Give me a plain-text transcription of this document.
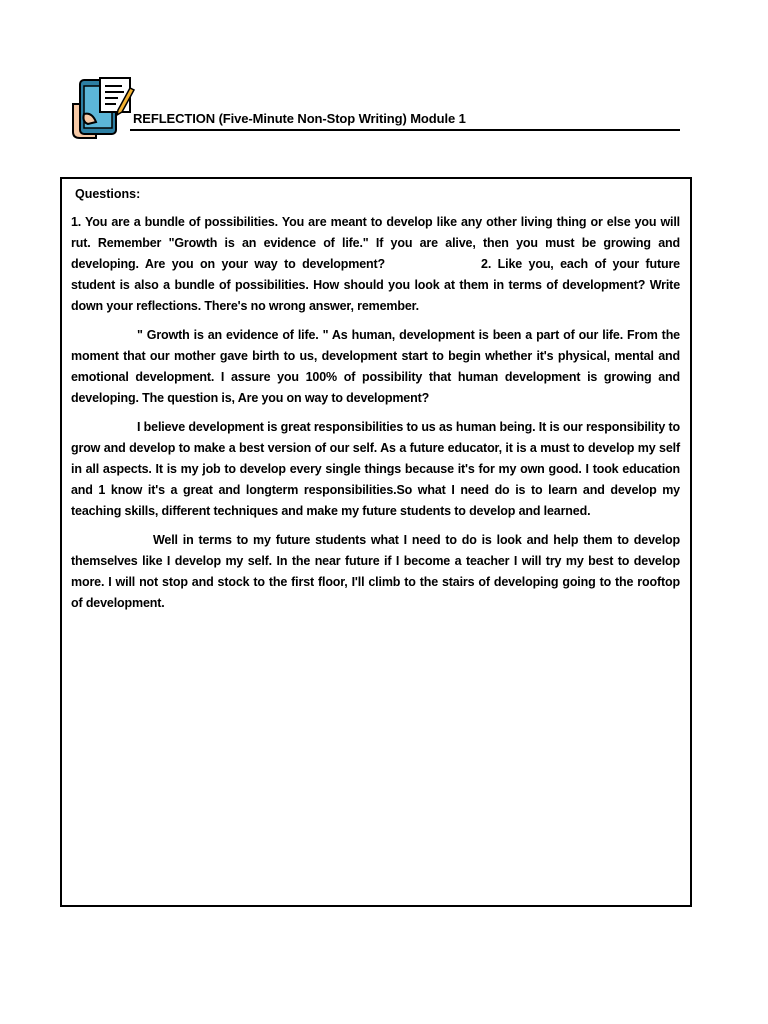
REFLECTION (Five-Minute Non-Stop Writing) Module 1
Questions:

1. You are a bundle of possibilities. You are meant to develop like any other living thing or else you will rut. Remember "Growth is an evidence of life." If you are alive, then you must be growing and developing. Are you on your way to development?	2. Like you, each of your future student is also a bundle of possibilities. How should you look at them in terms of development? Write down your reflections. There's no wrong answer, remember.

" Growth is an evidence of life. " As human, development is been a part of our life. From the moment that our mother gave birth to us, development start to begin whether it's physical, mental and emotional development. I assure you 100% of possibility that human development is growing and developing. The question is, Are you on way to development?

I believe development is great responsibilities to us as human being. It is our responsibility to grow and develop to make a best version of our self. As a future educator, it is a must to develop my self in all aspects. It is my job to develop every single things because it's for my own good. I took education and 1 know it's a great and longterm responsibilities.So what I need do is to learn and develop my teaching skills, different techniques and make my future students to develop and learned.

Well in terms to my future students what I need to do is look and help them to develop themselves like I develop my self. In the near future if I become a teacher I will try my best to develop more. I will not stop and stock to the first floor, I'll climb to the stairs of developing going to the rooftop of development.
